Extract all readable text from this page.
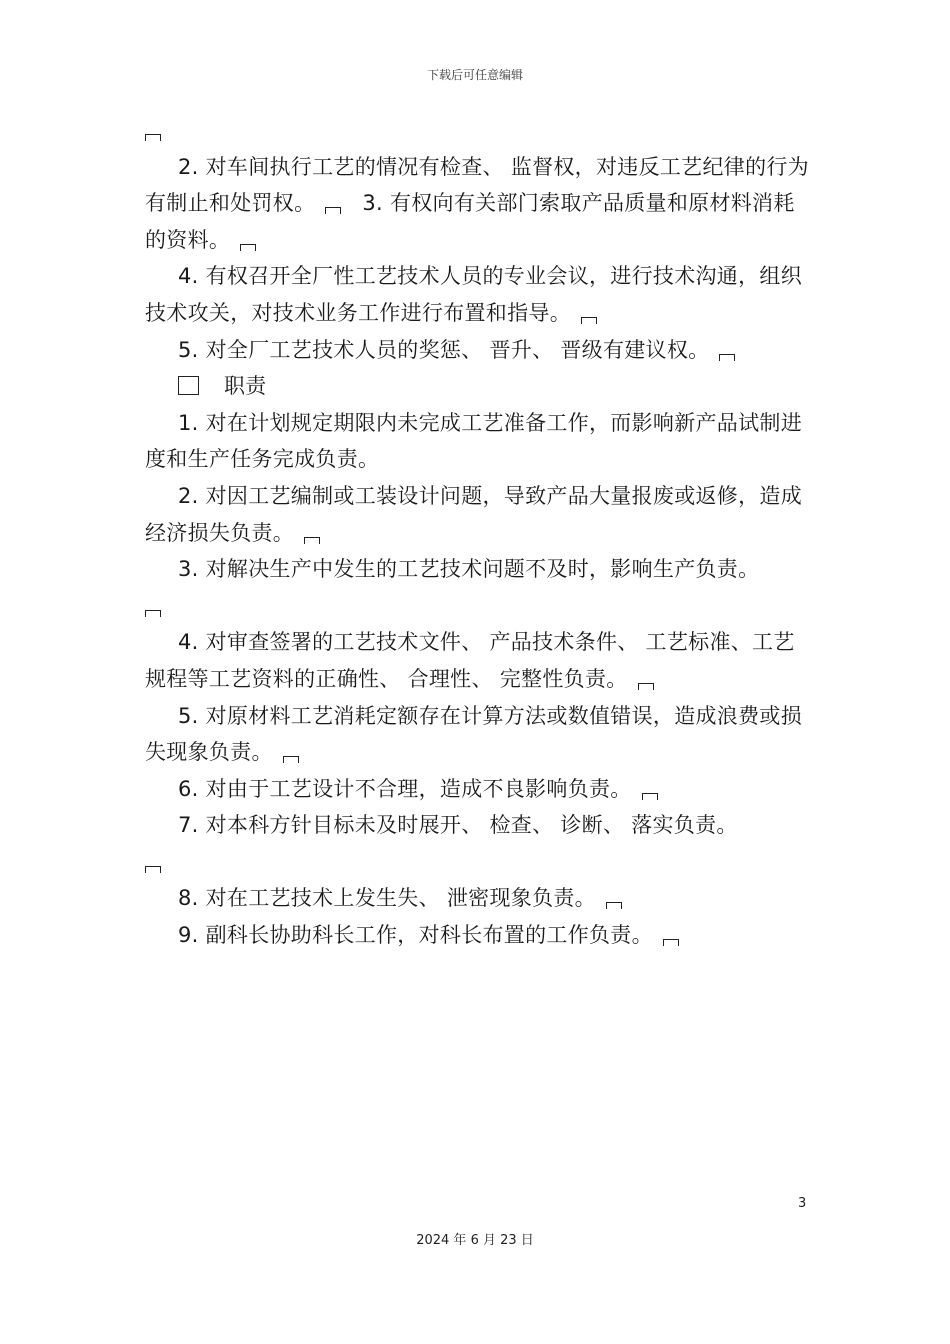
下载后可任意编辑

2. 对车间执行工艺的情况有检查、 监督权，对违反工艺纪律的行为有制止和处罚权。 3. 有权向有关部门索取产品质量和原材料消耗的资料。

4. 有权召开全厂性工艺技术人员的专业会议，进行技术沟通，组织技术攻关，对技术业务工作进行布置和指导。

5. 对全厂工艺技术人员的奖惩、 晋升、 晋级有建议权。

职责

1. 对在计划规定期限内未完成工艺准备工作，而影响新产品试制进度和生产任务完成负责。

2. 对因工艺编制或工装设计问题，导致产品大量报废或返修，造成经济损失负责。

3. 对解决生产中发生的工艺技术问题不及时，影响生产负责。

4. 对审查签署的工艺技术文件、 产品技术条件、 工艺标准、工艺规程等工艺资料的正确性、 合理性、 完整性负责。

5. 对原材料工艺消耗定额存在计算方法或数值错误，造成浪费或损失现象负责。

6. 对由于工艺设计不合理，造成不良影响负责。

7. 对本科方针目标未及时展开、 检查、 诊断、 落实负责。

8. 对在工艺技术上发生失、 泄密现象负责。

9. 副科长协助科长工作，对科长布置的工作负责。

3
2024 年 6 月 23 日
